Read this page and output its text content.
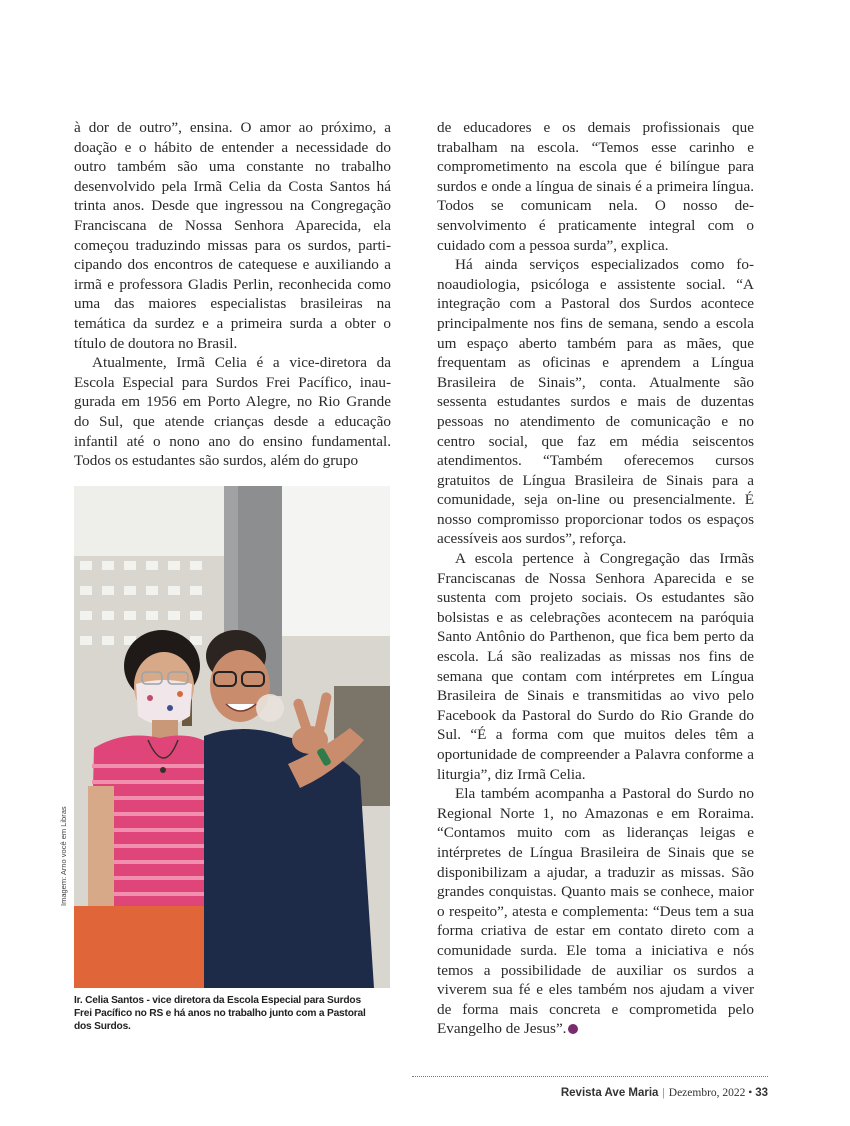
à dor de outro”, ensina. O amor ao próximo, a doação e o hábito de entender a necessidade do outro também são uma constante no trabalho desenvolvido pela Irmã Celia da Costa Santos há trinta anos. Desde que ingressou na Congregação Franciscana de Nossa Senhora Aparecida, ela começou traduzindo missas para os surdos, participando dos encontros de catequese e auxiliando a irmã e professora Gladis Perlin, reconhecida como uma das maiores especialistas brasileiras na temática da surdez e a primeira surda a obter o título de doutora no Brasil.

Atualmente, Irmã Celia é a vice-diretora da Escola Especial para Surdos Frei Pacífico, inaugurada em 1956 em Porto Alegre, no Rio Grande do Sul, que atende crianças desde a educação infantil até o nono ano do ensino fundamental. Todos os estudantes são surdos, além do grupo

Imagem: Arno você em Libras
Ir. Celia Santos - vice diretora da Escola Especial para Surdos Frei Pacífico no RS e há anos no trabalho junto com a Pastoral dos Surdos.

de educadores e os demais profissionais que trabalham na escola. “Temos esse carinho e comprometimento na escola que é bilíngue para surdos e onde a língua de sinais é a primeira língua. Todos se comunicam nela. O nosso desenvolvimento é praticamente integral com o cuidado com a pessoa surda”, explica.

Há ainda serviços especializados como fonoaudiologia, psicóloga e assistente social. “A integração com a Pastoral dos Surdos acontece principalmente nos fins de semana, sendo a escola um espaço aberto também para as mães, que frequentam as oficinas e aprendem a Língua Brasileira de Sinais”, conta. Atualmente são sessenta estudantes surdos e mais de duzentas pessoas no atendimento de comunicação e no centro social, que faz em média seiscentos atendimentos. “Também oferecemos cursos gratuitos de Língua Brasileira de Sinais para a comunidade, seja on-line ou presencialmente. É nosso compromisso proporcionar todos os espaços acessíveis aos surdos”, reforça.

A escola pertence à Congregação das Irmãs Franciscanas de Nossa Senhora Aparecida e se sustenta com projeto sociais. Os estudantes são bolsistas e as celebrações acontecem na paróquia Santo Antônio do Parthenon, que fica bem perto da escola. Lá são realizadas as missas nos fins de semana que contam com intérpretes em Língua Brasileira de Sinais e transmitidas ao vivo pelo Facebook da Pastoral do Surdo do Rio Grande do Sul. “É a forma com que muitos deles têm a oportunidade de compreender a Palavra conforme a liturgia”, diz Irmã Celia.

Ela também acompanha a Pastoral do Surdo no Regional Norte 1, no Amazonas e em Roraima. “Contamos muito com as lideranças leigas e intérpretes de Língua Brasileira de Sinais que se disponibilizam a ajudar, a traduzir as missas. São grandes conquistas. Quanto mais se conhece, maior o respeito”, atesta e complementa: “Deus tem a sua forma criativa de estar em contato direto com a comunidade surda. Ele toma a iniciativa e nós temos a possibilidade de auxiliar os surdos a viverem sua fé e eles também nos ajudam a viver de forma mais concreta e comprometida pelo Evangelho de Jesus”.

Revista Ave Maria | Dezembro, 2022 • 33
